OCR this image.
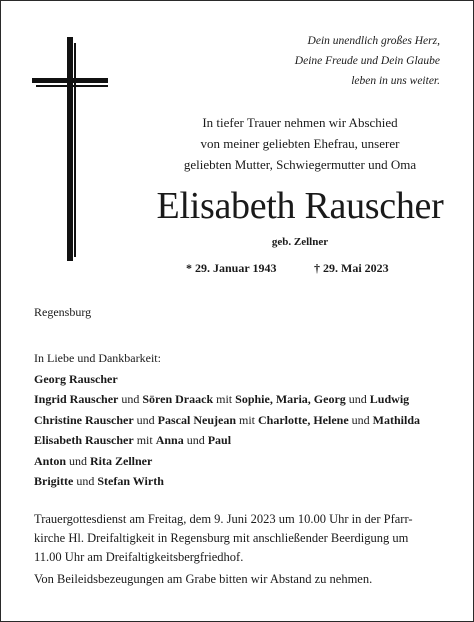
Dein unendlich großes Herz,
Deine Freude und Dein Glaube
leben in uns weiter.
In tiefer Trauer nehmen wir Abschied
von meiner geliebten Ehefrau, unserer
geliebten Mutter, Schwiegermutter und Oma
Elisabeth Rauscher
geb. Zellner
* 29. Januar 1943	† 29. Mai 2023
Regensburg
In Liebe und Dankbarkeit:
Georg Rauscher
Ingrid Rauscher und Sören Draack mit Sophie, Maria, Georg und Ludwig
Christine Rauscher und Pascal Neujean mit Charlotte, Helene und Mathilda
Elisabeth Rauscher mit Anna und Paul
Anton und Rita Zellner
Brigitte und Stefan Wirth
Trauergottesdienst am Freitag, dem 9. Juni 2023 um 10.00 Uhr in der Pfarr-
kirche Hl. Dreifaltigkeit in Regensburg mit anschließender Beerdigung um
11.00 Uhr am Dreifaltigkeitsbergfriedhof.
Von Beileidsbezeugungen am Grabe bitten wir Abstand zu nehmen.
